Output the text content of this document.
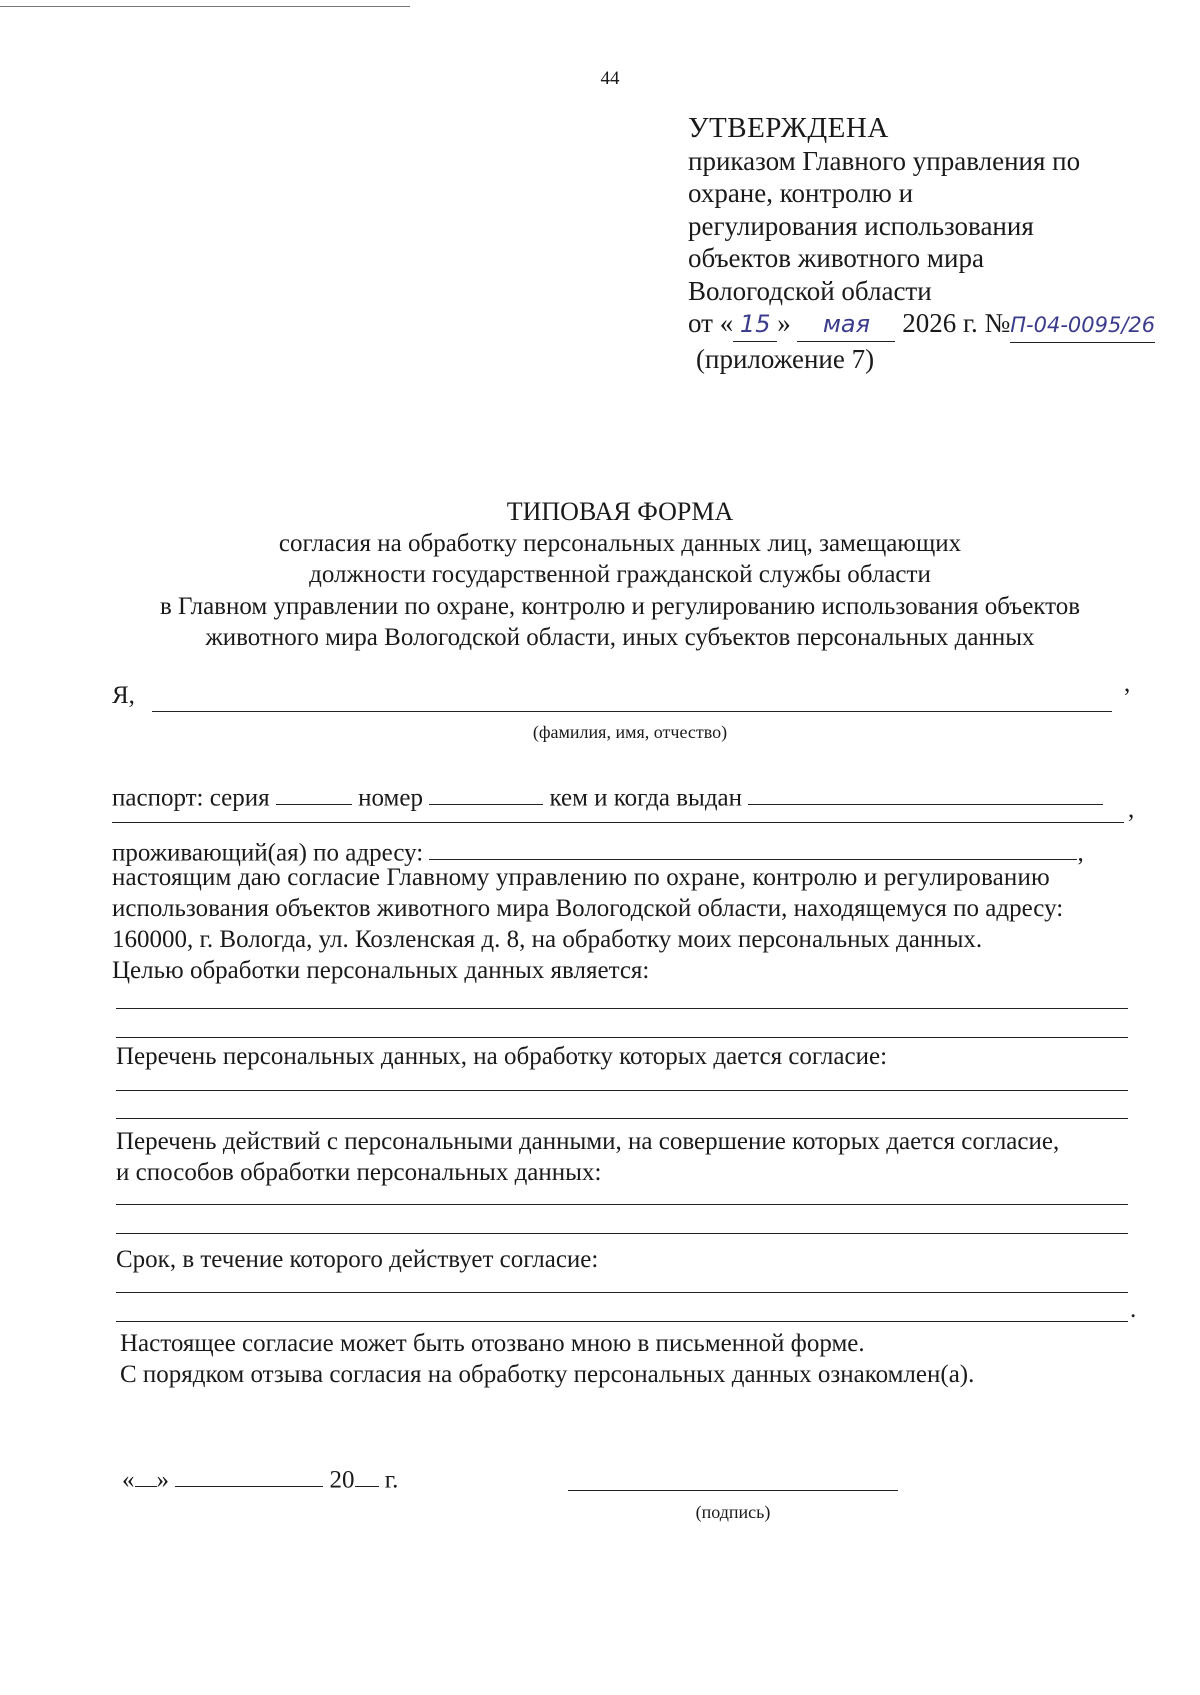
44
УТВЕРЖДЕНА
приказом Главного управления по
охране, контролю и
регулирования использования
объектов животного мира
Вологодской области
от « 15 » мая 2026 г. №П-04-0095/26
(приложение 7)
ТИПОВАЯ ФОРМА
согласия на обработку персональных данных лиц, замещающих
должности государственной гражданской службы области
в Главном управлении по охране, контролю и регулированию использования объектов
животного мира Вологодской области, иных субъектов персональных данных
Я,	,
(фамилия, имя, отчество)
паспорт: серия	номер	кем и когда выдан	,
проживающий(ая) по адресу:	,
настоящим даю согласие Главному управлению по охране, контролю и регулированию
использования объектов животного мира Вологодской области, находящемуся по адресу:
160000, г. Вологда, ул. Козленская д. 8, на обработку моих персональных данных.
Целью обработки персональных данных является:
Перечень персональных данных, на обработку которых дается согласие:
Перечень действий с персональными данными, на совершение которых дается согласие,
и способов обработки персональных данных:
Срок, в течение которого действует согласие:
.
Настоящее согласие может быть отозвано мною в письменной форме.
С порядком отзыва согласия на обработку персональных данных ознакомлен(а).
« »	20 г.
(подпись)
